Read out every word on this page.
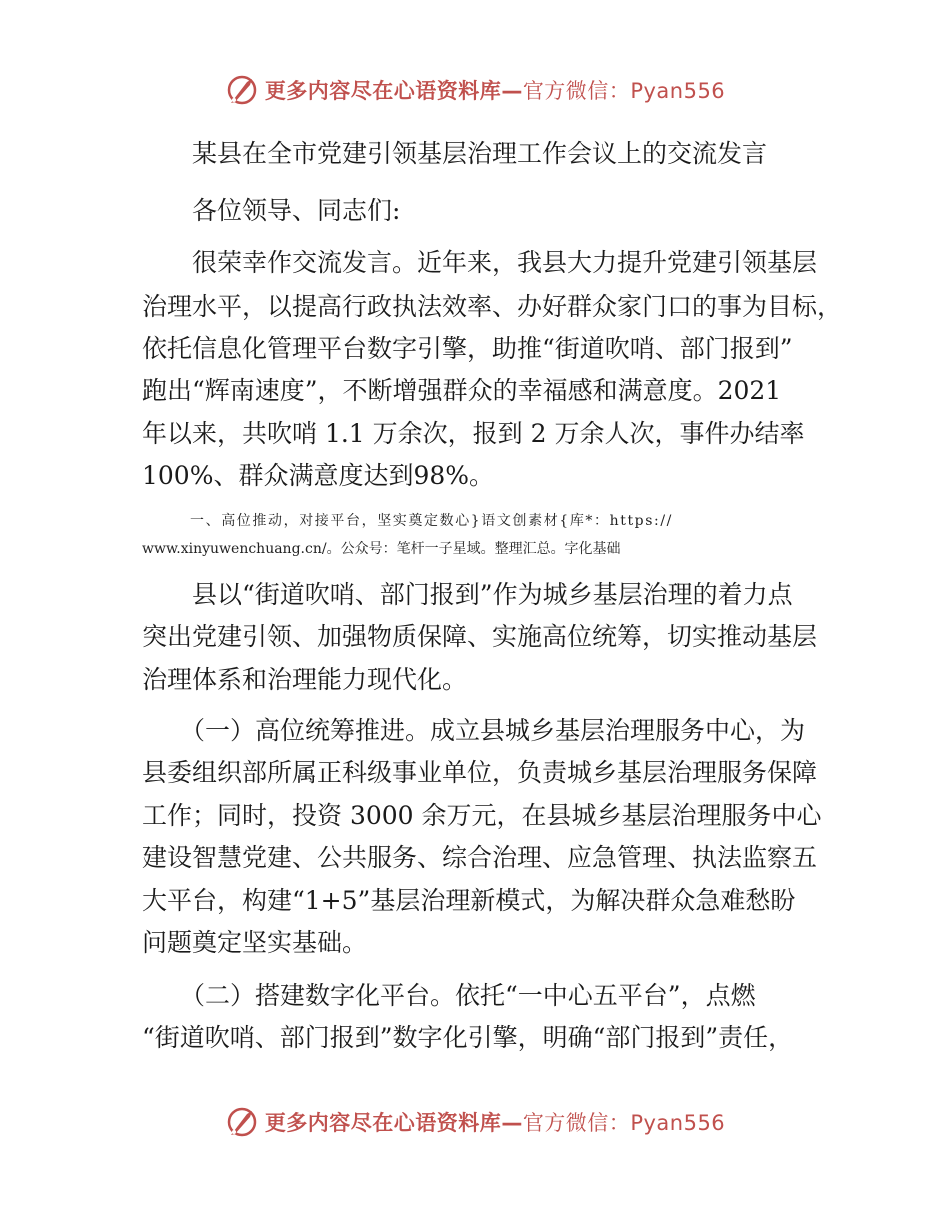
更多内容尽在心语资料库—官方微信：Pyan556
某县在全市党建引领基层治理工作会议上的交流发言
各位领导、同志们:
很荣幸作交流发言。近年来，我县大力提升党建引领基层
治理水平，以提高行政执法效率、办好群众家门口的事为目标，
依托信息化管理平台数字引擎，助推“街道吹哨、部门报到”
跑出“辉南速度”，不断增强群众的幸福感和满意度。2021
年以来，共吹哨 1.1 万余次，报到 2 万余人次，事件办结率
100%、群众满意度达到98%。
一、高位推动，对接平台，坚实奠定数心}语文创素材{库*：https://
www.xinyuwenchuang.cn/。公众号：笔杆一子星域。整理汇总。字化基础
县以“街道吹哨、部门报到”作为城乡基层治理的着力点
突出党建引领、加强物质保障、实施高位统筹，切实推动基层
治理体系和治理能力现代化。
（一）高位统筹推进。成立县城乡基层治理服务中心，为
县委组织部所属正科级事业单位，负责城乡基层治理服务保障
工作；同时，投资 3000 余万元，在县城乡基层治理服务中心
建设智慧党建、公共服务、综合治理、应急管理、执法监察五
大平台，构建“1+5”基层治理新模式，为解决群众急难愁盼
问题奠定坚实基础。
（二）搭建数字化平台。依托“一中心五平台”，点燃
“街道吹哨、部门报到”数字化引擎，明确“部门报到”责任，
更多内容尽在心语资料库—官方微信：Pyan556
